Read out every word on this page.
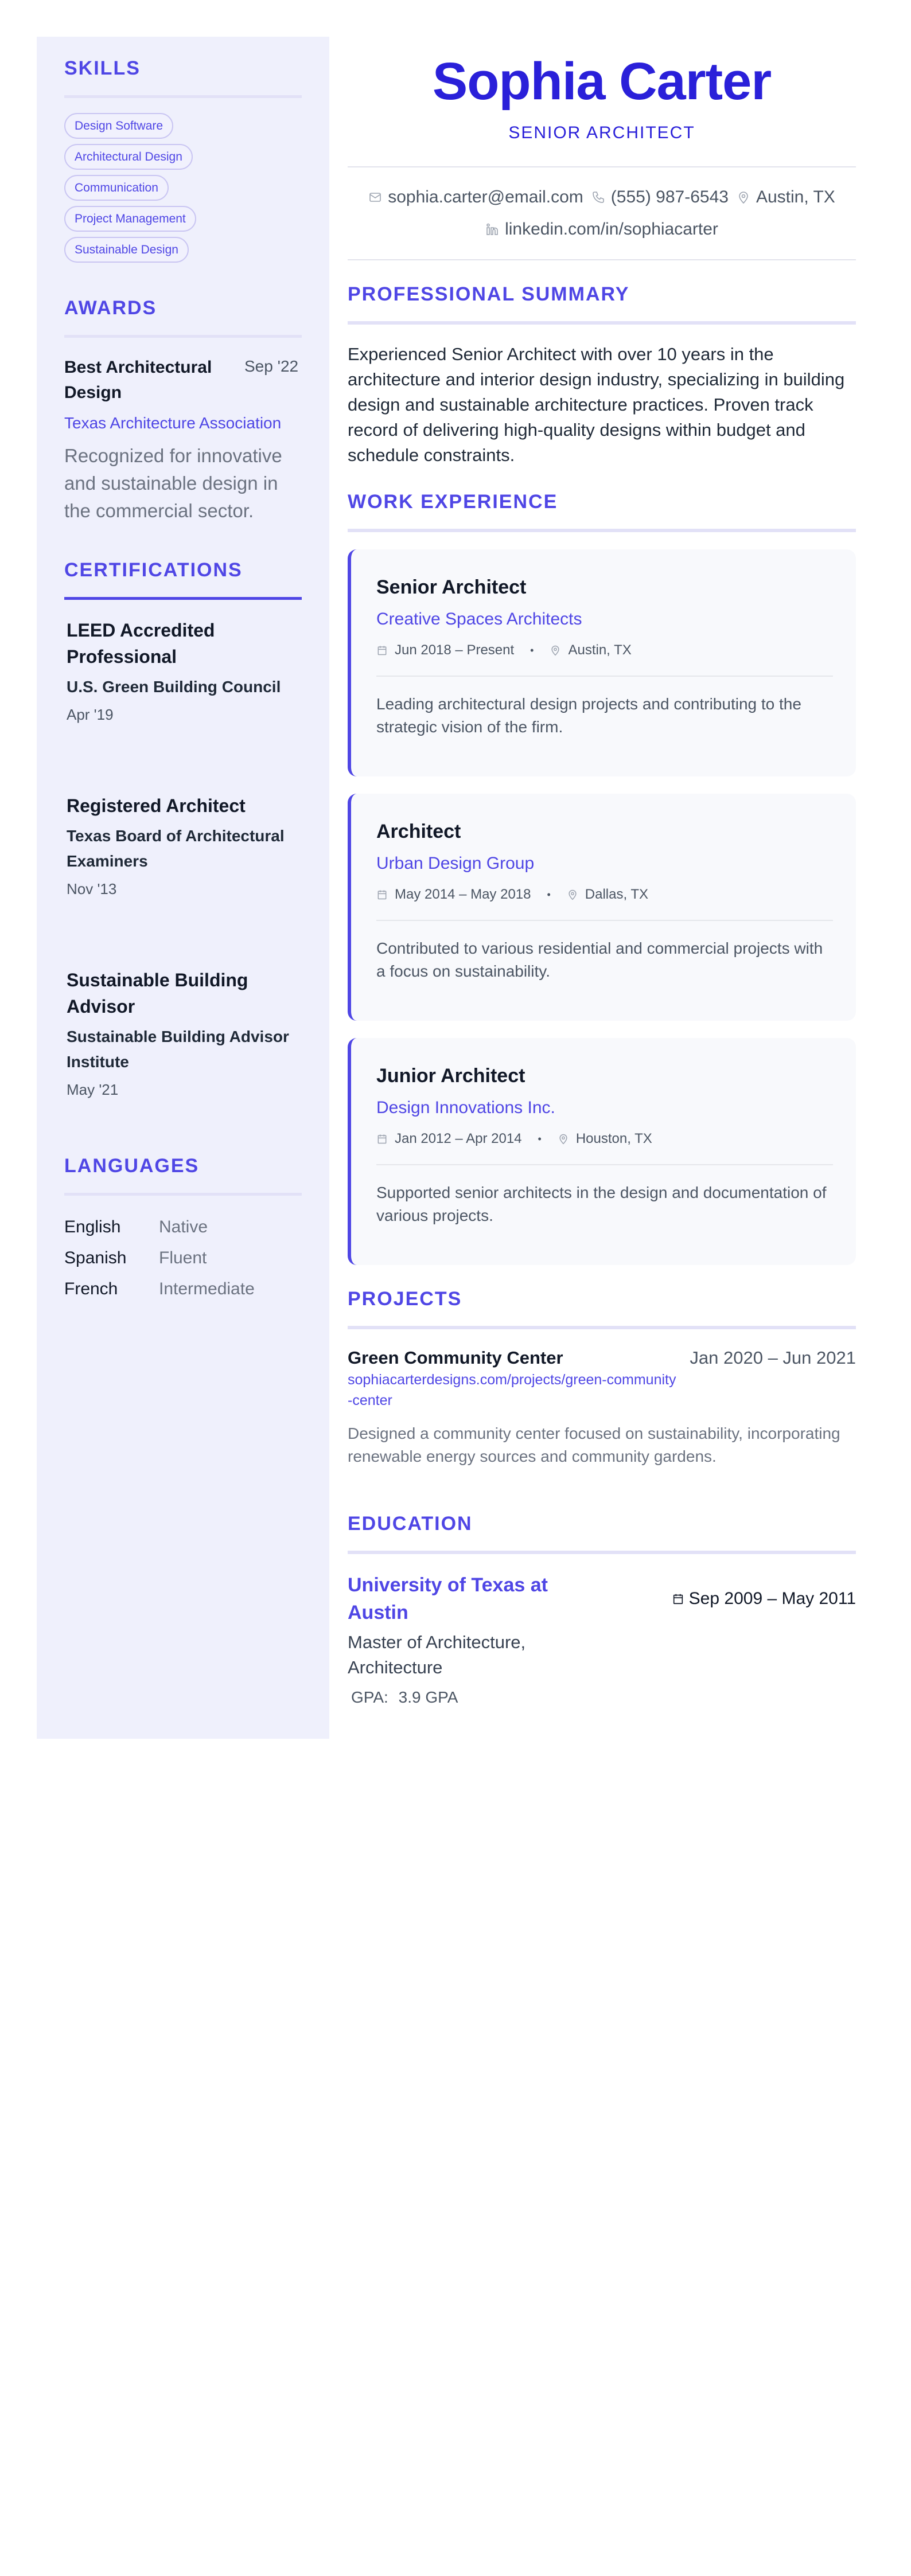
SKILLS
Design Software
Architectural Design
Communication
Project Management
Sustainable Design
AWARDS
Best Architectural Design
Sep '22
Texas Architecture Association
Recognized for innovative and sustainable design in the commercial sector.
CERTIFICATIONS
LEED Accredited Professional
U.S. Green Building Council
Apr '19
Registered Architect
Texas Board of Architectural Examiners
Nov '13
Sustainable Building Advisor
Sustainable Building Advisor Institute
May '21
LANGUAGES
English	Native
Spanish	Fluent
French	Intermediate
Sophia Carter
SENIOR ARCHITECT
sophia.carter@email.com (555) 987-6543 Austin, TX
linkedin.com/in/sophiacarter
PROFESSIONAL SUMMARY

Experienced Senior Architect with over 10 years in the architecture and interior design industry, specializing in building design and sustainable architecture practices. Proven track record of delivering high-quality designs within budget and schedule constraints.

WORK EXPERIENCE
Senior Architect
Creative Spaces Architects
Jun 2018 – Present •	Austin, TX

Leading architectural design projects and contributing to the strategic vision of the firm.

Architect
Urban Design Group
May 2014 – May 2018 •	Dallas, TX

Contributed to various residential and commercial projects with a focus on sustainability.

Junior Architect
Design Innovations Inc.
Jan 2012 – Apr 2014 •	Houston, TX

Supported senior architects in the design and documentation of various projects.

PROJECTS
Green Community Center
sophiacarterdesigns.com/projects/green-community-center
Jan 2020 – Jun 2021

Designed a community center focused on sustainability, incorporating renewable energy sources and community gardens.

EDUCATION
University of Texas at Austin
Sep 2009 – May 2011
Master of Architecture, Architecture
GPA: 3.9 GPA
